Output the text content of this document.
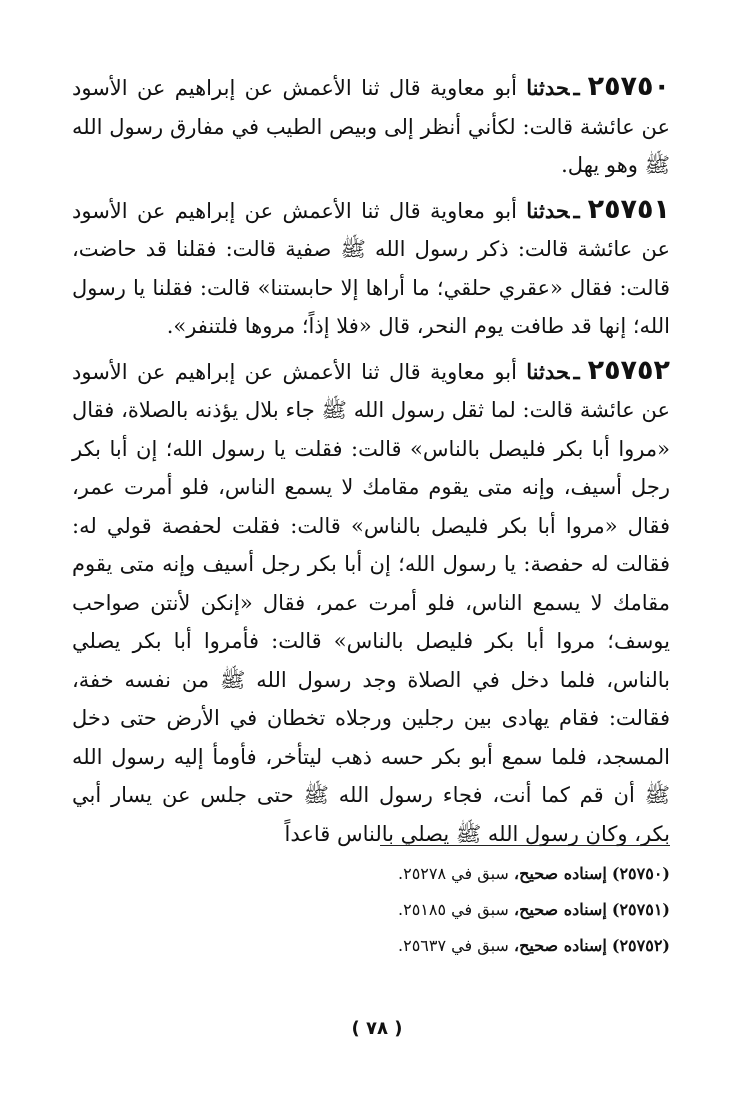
٢٥٧٥٠ـحدثنا أبو معاوية قال ثنا الأعمش عن إبراهيم عن الأسود عن عائشة قالت: لكأني أنظر إلى وبيص الطيب في مفارق رسول الله ﷺ وهو يهل.

٢٥٧٥١ـحدثنا أبو معاوية قال ثنا الأعمش عن إبراهيم عن الأسود عن عائشة قالت: ذكر رسول الله ﷺ صفية قالت: فقلنا قد حاضت، قالت: فقال «عقري حلقي؛ ما أراها إلا حابستنا» قالت: فقلنا يا رسول الله؛ إنها قد طافت يوم النحر، قال «فلا إذاً؛ مروها فلتنفر».

٢٥٧٥٢ـحدثنا أبو معاوية قال ثنا الأعمش عن إبراهيم عن الأسود عن عائشة قالت: لما ثقل رسول الله ﷺ جاء بلال يؤذنه بالصلاة، فقال «مروا أبا بكر فليصل بالناس» قالت: فقلت يا رسول الله؛ إن أبا بكر رجل أسيف، وإنه متى يقوم مقامك لا يسمع الناس، فلو أمرت عمر، فقال «مروا أبا بكر فليصل بالناس» قالت: فقلت لحفصة قولي له: فقالت له حفصة: يا رسول الله؛ إن أبا بكر رجل أسيف وإنه متى يقوم مقامك لا يسمع الناس، فلو أمرت عمر، فقال «إنكن لأنتن صواحب يوسف؛ مروا أبا بكر فليصل بالناس» قالت: فأمروا أبا بكر يصلي بالناس، فلما دخل في الصلاة وجد رسول الله ﷺ من نفسه خفة، فقالت: فقام يهادى بين رجلين ورجلاه تخطان في الأرض حتى دخل المسجد، فلما سمع أبو بكر حسه ذهب ليتأخر، فأومأ إليه رسول الله ﷺ أن قم كما أنت، فجاء رسول الله ﷺ حتى جلس عن يسار أبي بكر، وكان رسول الله ﷺ يصلي بالناس قاعداً

(٢٥٧٥٠) إسناده صحيح، سبق في ٢٥٢٧٨.
(٢٥٧٥١) إسناده صحيح، سبق في ٢٥١٨٥.
(٢٥٧٥٢) إسناده صحيح، سبق في ٢٥٦٣٧.
( ٧٨ )
